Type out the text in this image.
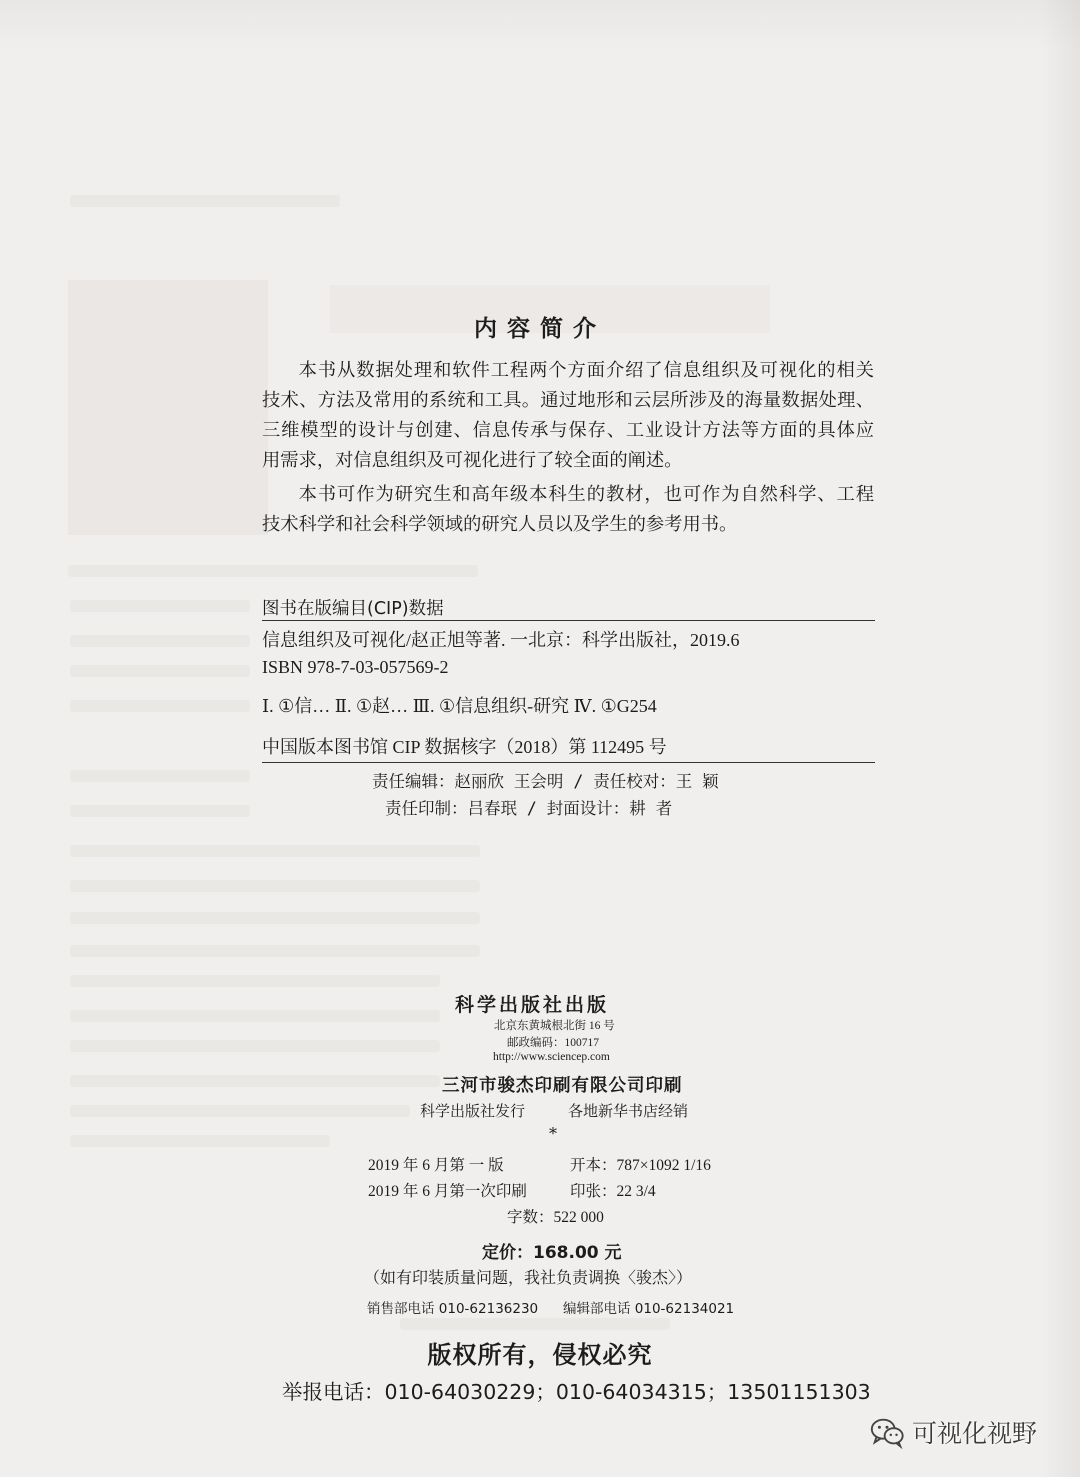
内容简介
本书从数据处理和软件工程两个方面介绍了信息组织及可视化的相关
技术、方法及常用的系统和工具。通过地形和云层所涉及的海量数据处理、
三维模型的设计与创建、信息传承与保存、工业设计方法等方面的具体应
用需求，对信息组织及可视化进行了较全面的阐述。
本书可作为研究生和高年级本科生的教材，也可作为自然科学、工程
技术科学和社会科学领域的研究人员以及学生的参考用书。
图书在版编目(CIP)数据
信息组织及可视化/赵正旭等著. 一北京：科学出版社，2019.6
ISBN 978-7-03-057569-2
Ⅰ. ①信… Ⅱ. ①赵… Ⅲ. ①信息组织-研究 Ⅳ. ①G254
中国版本图书馆 CIP 数据核字（2018）第 112495 号
责任编辑：赵丽欣 王会明 / 责任校对：王 颖
责任印制：吕春珉 / 封面设计：耕 者
科学出版社出版
北京东黄城根北街 16 号
邮政编码：100717
http://www.sciencep.com
三河市骏杰印刷有限公司印刷
科学出版社发行	各地新华书店经销
*
2019 年 6 月第 一 版	开本：787×1092 1/16
2019 年 6 月第一次印刷	印张：22 3/4
字数：522 000
定价：168.00 元
（如有印装质量问题，我社负责调换〈骏杰〉）
销售部电话 010-62136230 编辑部电话 010-62134021
版权所有，侵权必究
举报电话：010-64030229；010-64034315；13501151303
可视化视野
